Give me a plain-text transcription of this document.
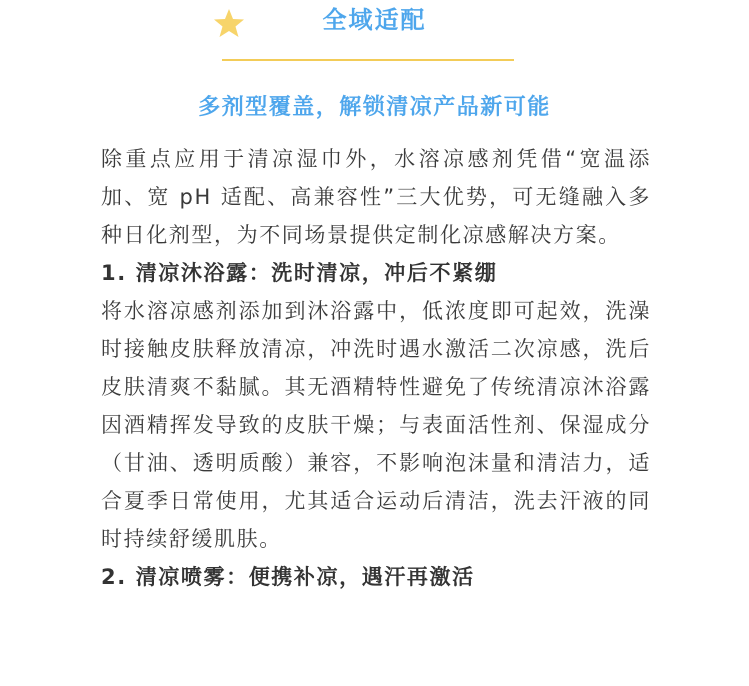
全域适配
多剂型覆盖，解锁清凉产品新可能

除重点应用于清凉湿巾外，水溶凉感剂凭借“宽温添加、宽 pH 适配、高兼容性”三大优势，可无缝融入多种日化剂型，为不同场景提供定制化凉感解决方案。

1. 清凉沐浴露：洗时清凉，冲后不紧绷

将水溶凉感剂添加到沐浴露中，低浓度即可起效，洗澡时接触皮肤释放清凉，冲洗时遇水激活二次凉感，洗后皮肤清爽不黏腻。其无酒精特性避免了传统清凉沐浴露因酒精挥发导致的皮肤干燥；与表面活性剂、保湿成分（甘油、透明质酸）兼容，不影响泡沫量和清洁力，适合夏季日常使用，尤其适合运动后清洁，洗去汗液的同时持续舒缓肌肤。

2. 清凉喷雾：便携补凉，遇汗再激活
